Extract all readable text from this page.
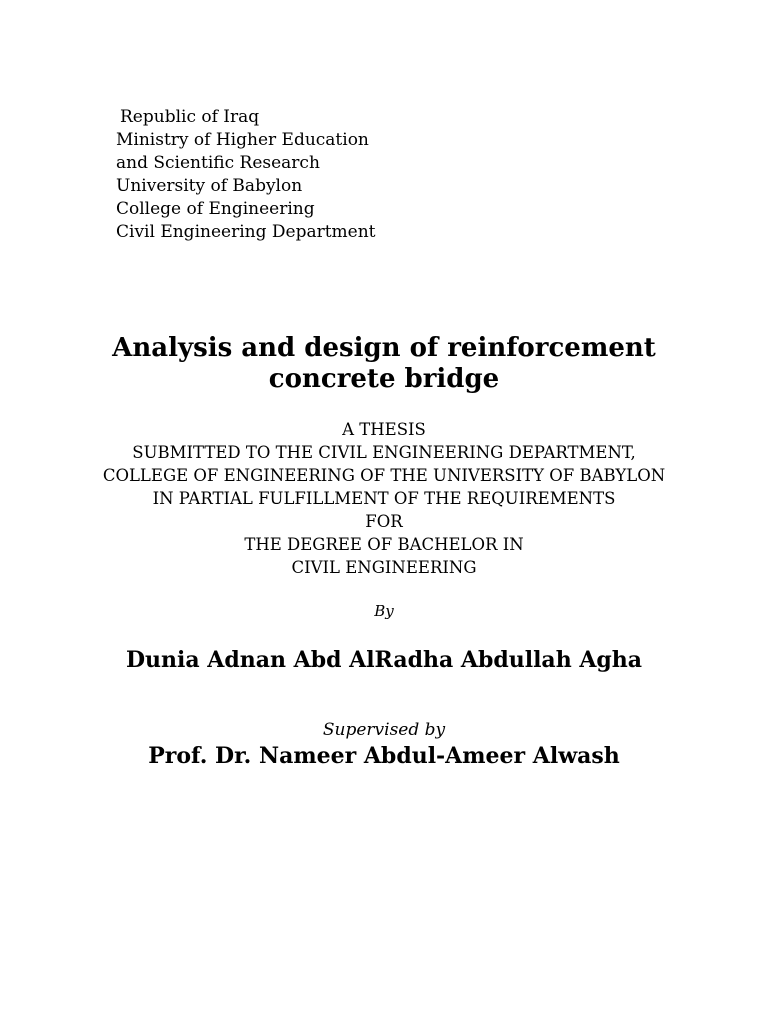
Republic of Iraq
Ministry of Higher Education
and Scientific Research
University of Babylon
College of Engineering
Civil Engineering Department
Analysis and design of reinforcement
concrete bridge
A THESIS
SUBMITTED TO THE CIVIL ENGINEERING DEPARTMENT,
COLLEGE OF ENGINEERING OF THE UNIVERSITY OF BABYLON
IN PARTIAL FULFILLMENT OF THE REQUIREMENTS
FOR
THE DEGREE OF BACHELOR IN
CIVIL ENGINEERING
By
Dunia Adnan Abd AlRadha Abdullah Agha
Supervised by
Prof. Dr. Nameer Abdul-Ameer Alwash
